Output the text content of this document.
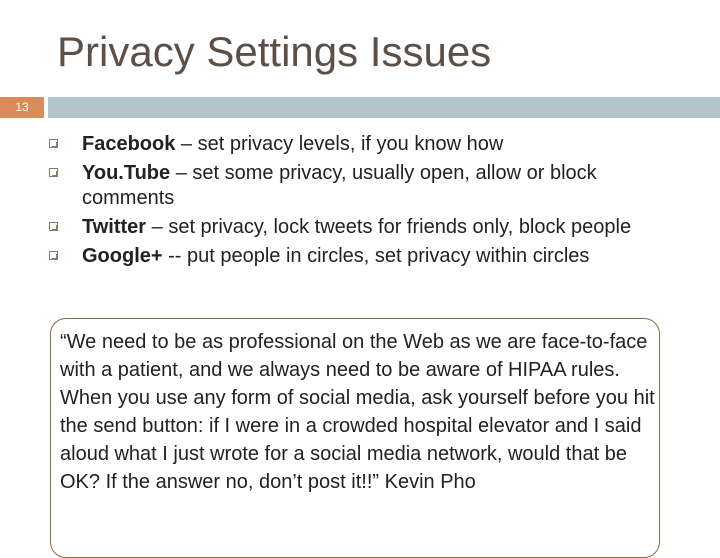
Privacy Settings Issues
13
Facebook – set privacy levels, if you know how
You.Tube – set some privacy, usually open, allow or block comments
Twitter – set privacy, lock tweets for friends only, block people
Google+ -- put people in circles, set privacy within circles

“We need to be as professional on the Web as we are face-to-face with a patient, and we always need to be aware of HIPAA rules. When you use any form of social media, ask yourself before you hit the send button: if I were in a crowded hospital elevator and I said aloud what I just wrote for a social media network, would that be OK? If the answer no, don’t post it!!” Kevin Pho
